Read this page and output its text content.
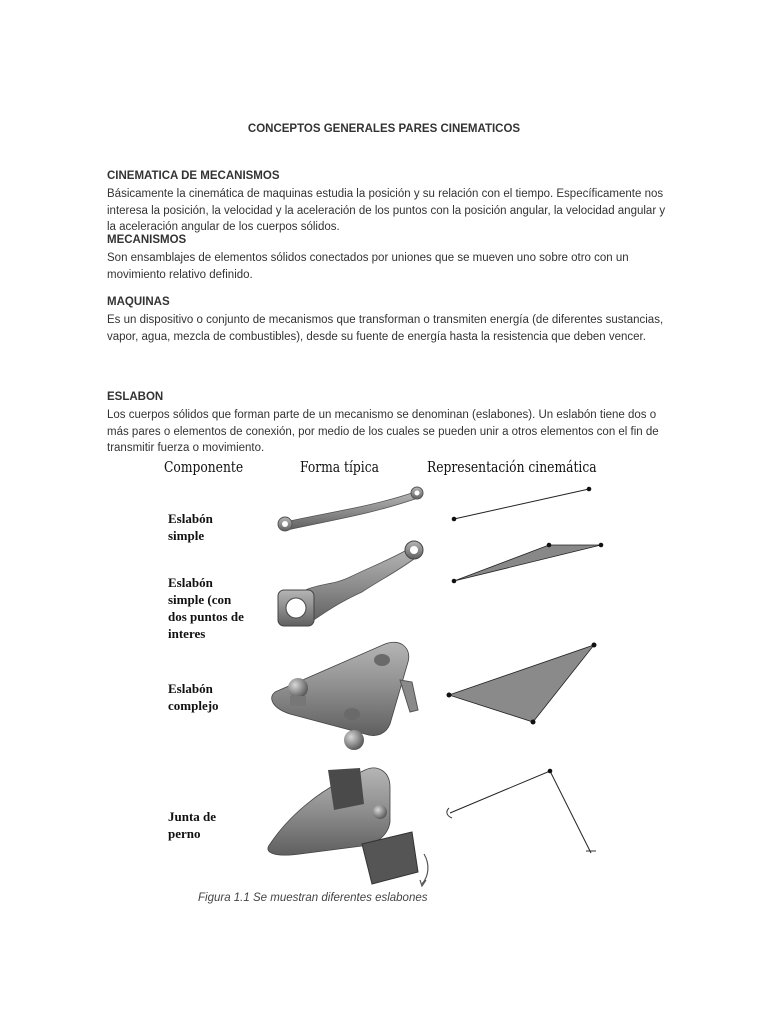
CONCEPTOS GENERALES PARES CINEMATICOS
CINEMATICA DE MECANISMOS
Básicamente la cinemática de maquinas estudia la posición y su relación con el tiempo. Específicamente nos interesa la posición, la velocidad y la aceleración de los puntos con la posición angular, la velocidad angular y la aceleración angular de los cuerpos sólidos.
MECANISMOS
Son ensamblajes de elementos sólidos conectados por uniones que se mueven uno sobre otro con un movimiento relativo definido.
MAQUINAS
Es un dispositivo o conjunto de mecanismos que transforman o transmiten energía (de diferentes sustancias, vapor, agua, mezcla de combustibles), desde su fuente de energía hasta la resistencia que deben vencer.
ESLABON
Los cuerpos sólidos que forman parte de un mecanismo se denominan (eslabones). Un eslabón tiene dos o más pares o elementos de conexión, por medio de los cuales se pueden unir a otros elementos con el fin de transmitir fuerza o movimiento.
Componente	Forma típica	Representación cinemática
Eslabón
simple
Eslabón
simple (con
dos puntos de
interes
Eslabón
complejo
Junta de
perno
Figura 1.1 Se muestran diferentes eslabones
